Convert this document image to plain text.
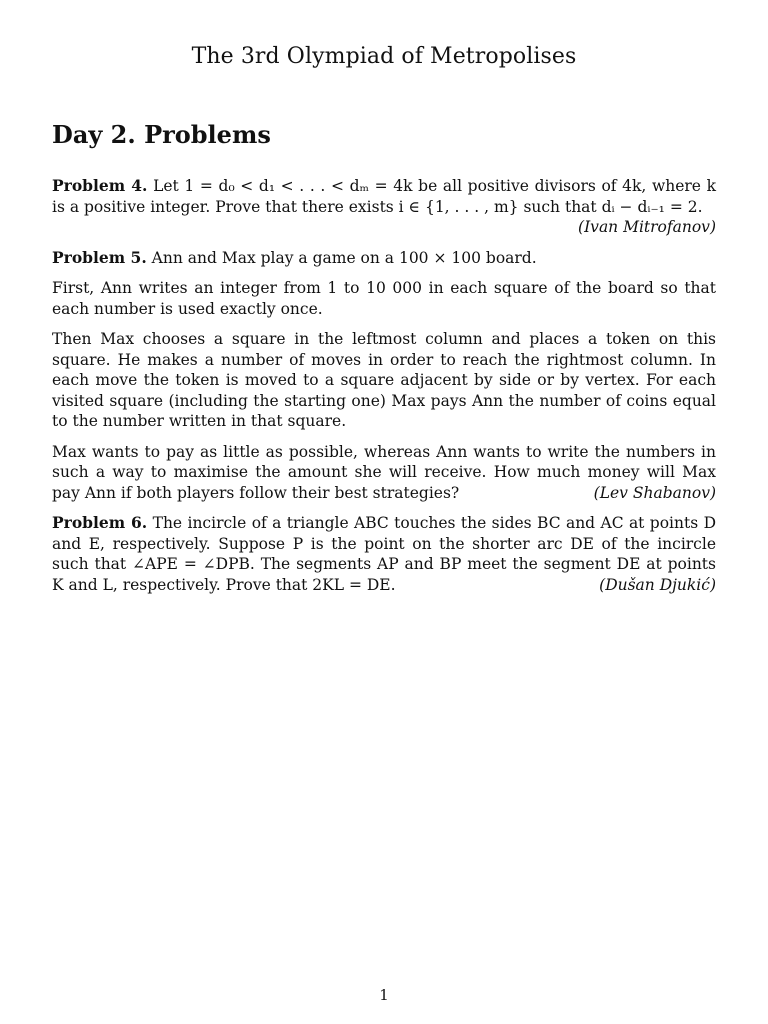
The 3rd Olympiad of Metropolises
Day 2. Problems

Problem 4. Let 1 = d₀ < d₁ < . . . < dₘ = 4k be all positive divisors of 4k, where k is a positive integer. Prove that there exists i ∈ {1, . . . , m} such that dᵢ − dᵢ₋₁ = 2.

(Ivan Mitrofanov)

Problem 5. Ann and Max play a game on a 100 × 100 board.

First, Ann writes an integer from 1 to 10 000 in each square of the board so that each number is used exactly once.

Then Max chooses a square in the leftmost column and places a token on this square. He makes a number of moves in order to reach the rightmost column. In each move the token is moved to a square adjacent by side or by vertex. For each visited square (including the starting one) Max pays Ann the number of coins equal to the number written in that square.

Max wants to pay as little as possible, whereas Ann wants to write the numbers in such a way to maximise the amount she will receive. How much money will Max pay Ann if both players follow their best strategies?	(Lev Shabanov)

Problem 6. The incircle of a triangle ABC touches the sides BC and AC at points D and E, respectively. Suppose P is the point on the shorter arc DE of the incircle such that ∠APE = ∠DPB. The segments AP and BP meet the segment DE at points K and L, respectively. Prove that 2KL = DE.	(Dušan Djukić)

1
